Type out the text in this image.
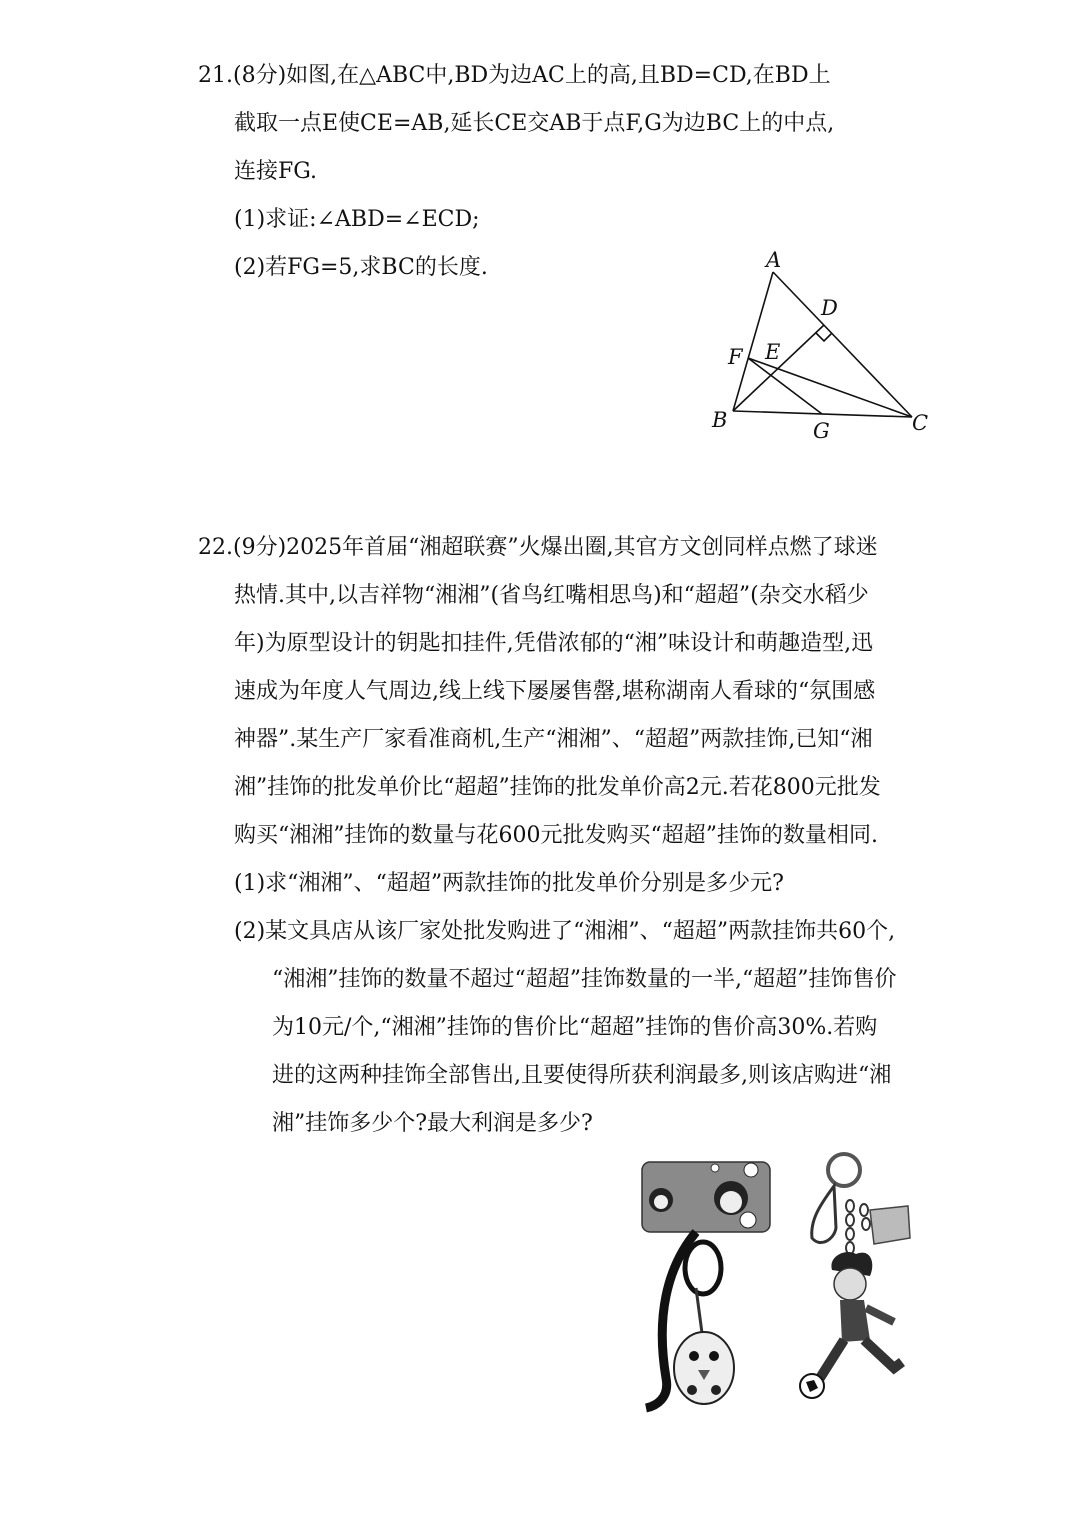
21.(8分)如图,在△ABC中,BD为边AC上的高,且BD=CD,在BD上

截取一点E使CE=AB,延长CE交AB于点F,G为边BC上的中点,

连接FG.

(1)求证:∠ABD=∠ECD;

(2)若FG=5,求BC的长度.	A
D
F E
B	G	C

22.(9分)2025年首届“湘超联赛”火爆出圈,其官方文创同样点燃了球迷

热情.其中,以吉祥物“湘湘”(省鸟红嘴相思鸟)和“超超”(杂交水稻少

年)为原型设计的钥匙扣挂件,凭借浓郁的“湘”味设计和萌趣造型,迅

速成为年度人气周边,线上线下屡屡售罄,堪称湖南人看球的“氛围感

神器”.某生产厂家看准商机,生产“湘湘”、“超超”两款挂饰,已知“湘

湘”挂饰的批发单价比“超超”挂饰的批发单价高2元.若花800元批发

购买“湘湘”挂饰的数量与花600元批发购买“超超”挂饰的数量相同.

(1)求“湘湘”、“超超”两款挂饰的批发单价分别是多少元?

(2)某文具店从该厂家处批发购进了“湘湘”、“超超”两款挂饰共60个,

“湘湘”挂饰的数量不超过“超超”挂饰数量的一半,“超超”挂饰售价

为10元/个,“湘湘”挂饰的售价比“超超”挂饰的售价高30%.若购

进的这两种挂饰全部售出,且要使得所获利润最多,则该店购进“湘

湘”挂饰多少个?最大利润是多少?
